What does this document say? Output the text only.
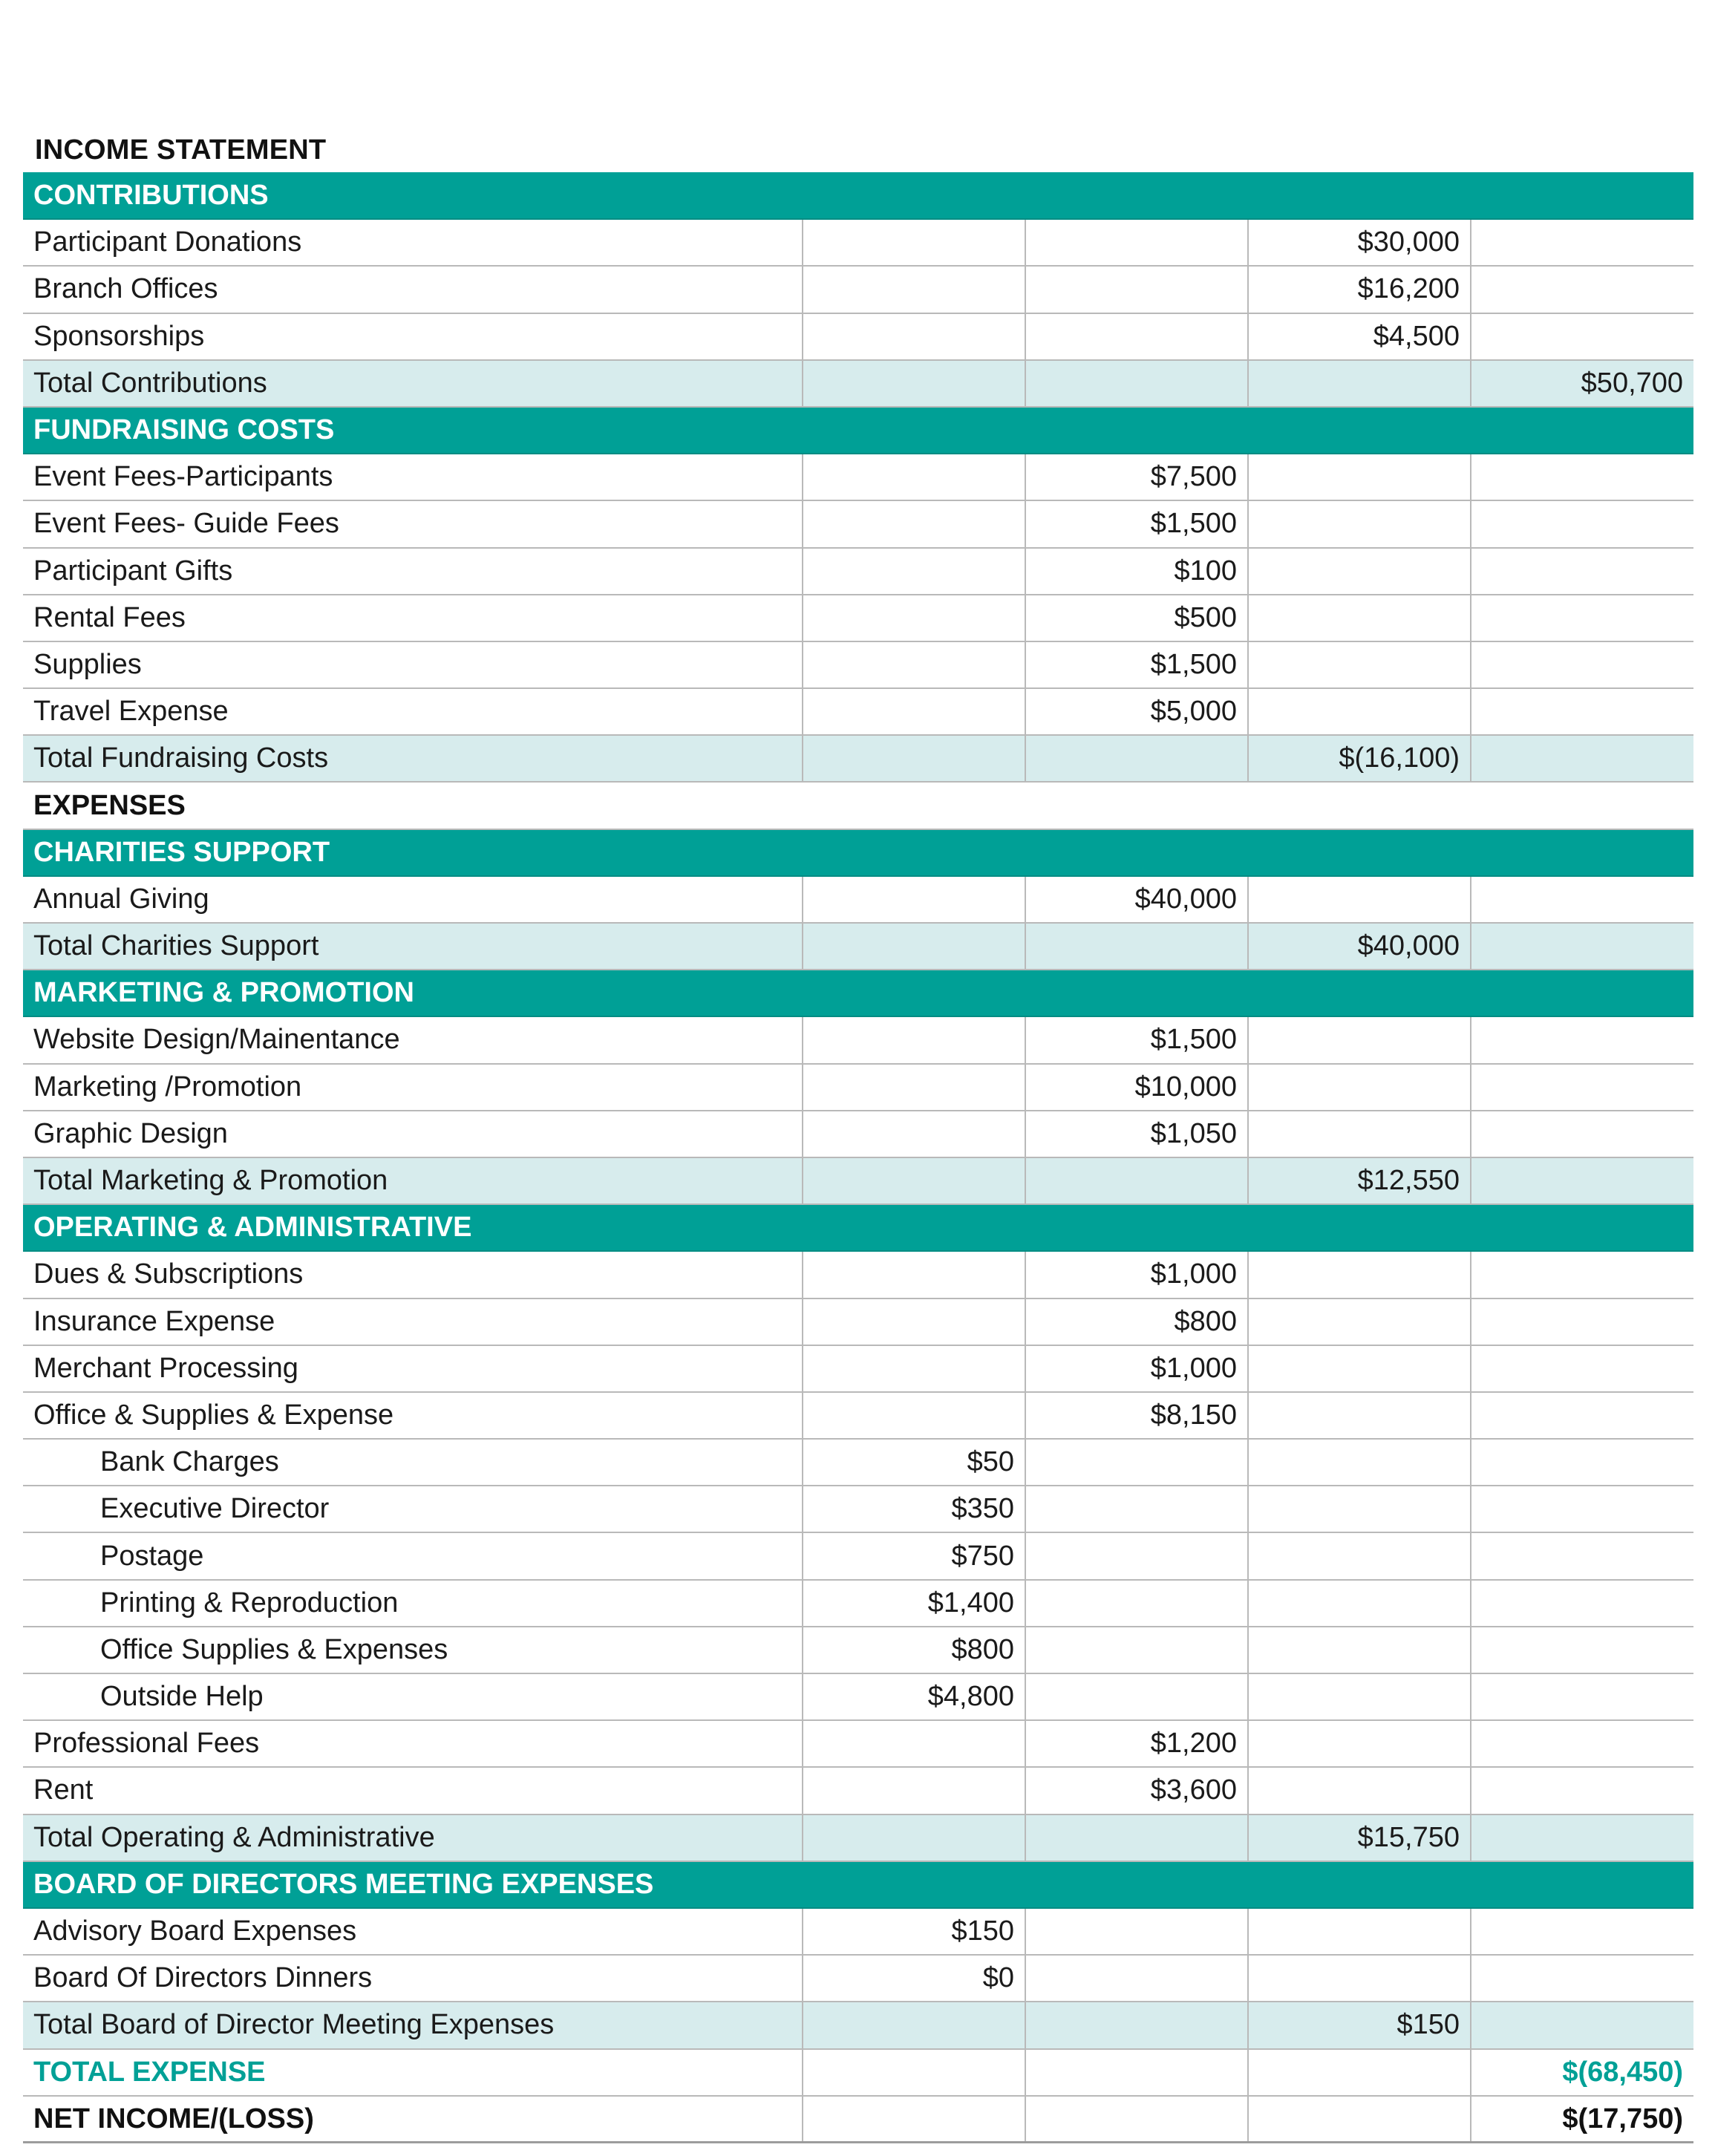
INCOME STATEMENT
CONTRIBUTIONS				
Participant Donations			$30,000	
Branch Offices			$16,200	
Sponsorships			$4,500	
Total Contributions				$50,700
FUNDRAISING COSTS				
Event Fees-Participants		$7,500		
Event Fees- Guide Fees		$1,500		
Participant Gifts		$100		
Rental Fees		$500		
Supplies		$1,500		
Travel Expense		$5,000		
Total Fundraising Costs			$(16,100)	
EXPENSES				
CHARITIES SUPPORT				
Annual Giving		$40,000		
Total Charities Support			$40,000	
MARKETING & PROMOTION				
Website Design/Mainentance		$1,500		
Marketing /Promotion		$10,000		
Graphic Design		$1,050		
Total Marketing & Promotion			$12,550	
OPERATING & ADMINISTRATIVE				
Dues & Subscriptions		$1,000		
Insurance Expense		$800		
Merchant Processing		$1,000		
Office & Supplies & Expense		$8,150		
Bank Charges	$50			
Executive Director	$350			
Postage	$750			
Printing & Reproduction	$1,400			
Office Supplies & Expenses	$800			
Outside Help	$4,800			
Professional Fees		$1,200		
Rent		$3,600		
Total Operating & Administrative			$15,750	
BOARD OF DIRECTORS MEETING EXPENSES				
Advisory Board Expenses	$150			
Board Of Directors Dinners	$0			
Total Board of Director Meeting Expenses			$150	
TOTAL EXPENSE				$(68,450)
NET INCOME/(LOSS)				$(17,750)
